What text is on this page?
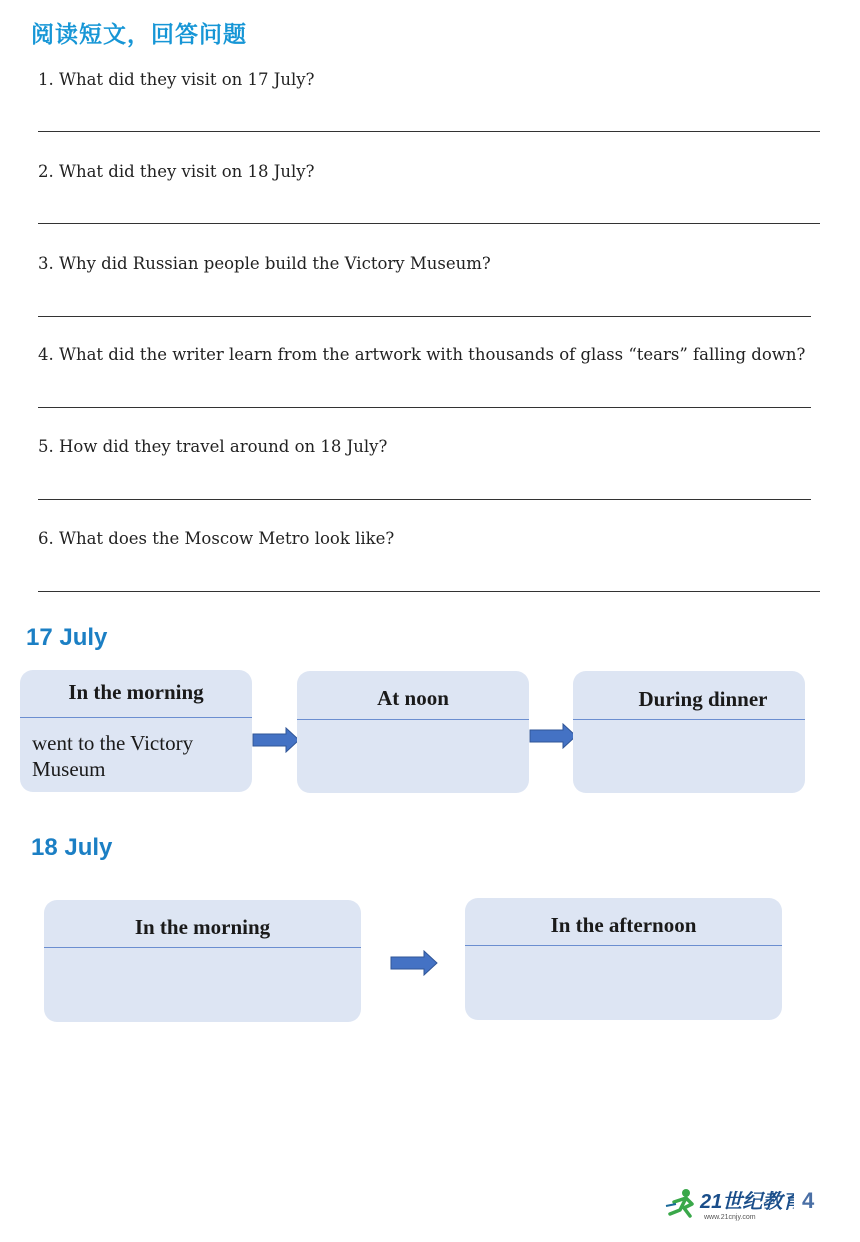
阅读短文，回答问题
1. What did they visit on 17 July?
2. What did they visit on 18 July?
3. Why did Russian people build the Victory Museum?
4. What did the writer learn from the artwork with thousands of glass “tears” falling down?
5. How did they travel around on 18 July?
6. What does the Moscow Metro look like?
17 July
In the morning
went to the Victory Museum
At noon	During dinner
18 July
In the morning	In the afternoon
21世纪教育
www.21cnjy.com
4
